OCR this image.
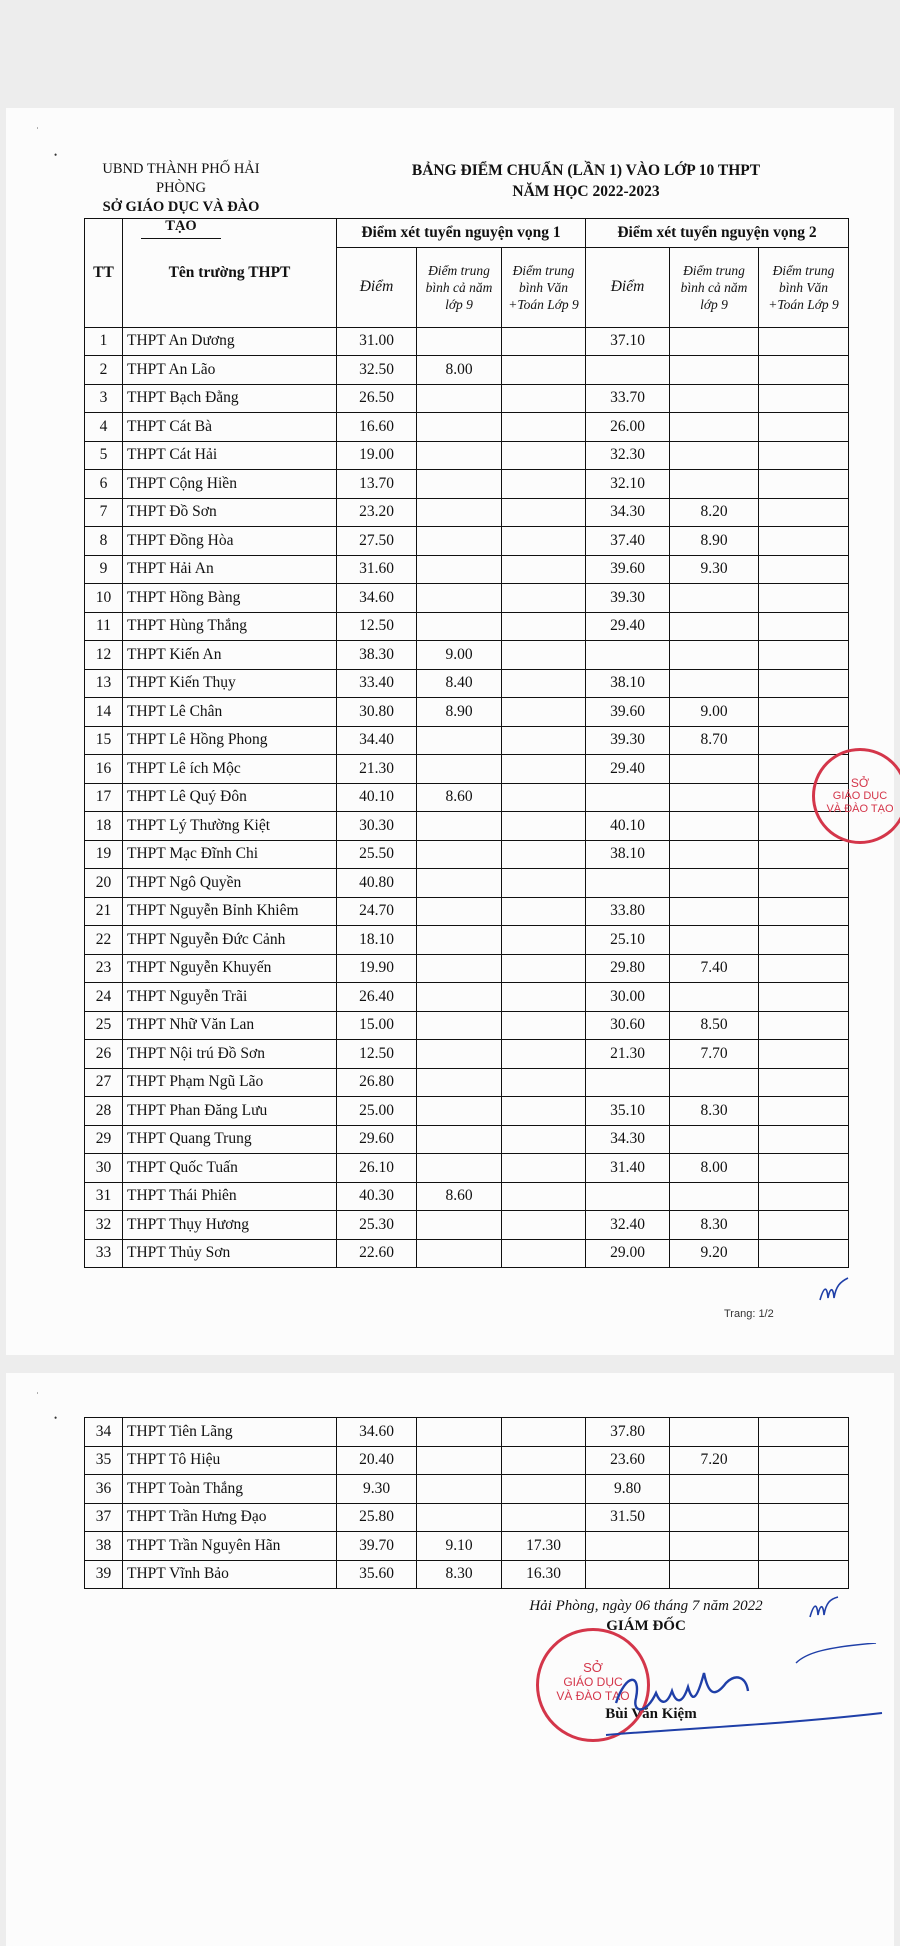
˙
•
UBND THÀNH PHỐ HẢI PHÒNG
SỞ GIÁO DỤC VÀ ĐÀO TẠO
BẢNG ĐIỂM CHUẨN (LẦN 1) VÀO LỚP 10 THPT
NĂM HỌC 2022-2023
TT	Tên trường THPT	Điểm xét tuyển nguyện vọng 1			Điểm xét tuyển nguyện vọng 2		
		Điểm	Điểm trung bình cả năm lớp 9	Điểm trung bình Văn +Toán Lớp 9	Điểm	Điểm trung bình cả năm lớp 9	Điểm trung bình Văn +Toán Lớp 9
1	THPT An Dương	31.00			37.10		
2	THPT An Lão	32.50	8.00				
3	THPT Bạch Đằng	26.50			33.70		
4	THPT Cát Bà	16.60			26.00		
5	THPT Cát Hải	19.00			32.30		
6	THPT Cộng Hiền	13.70			32.10		
7	THPT Đồ Sơn	23.20			34.30	8.20	
8	THPT Đồng Hòa	27.50			37.40	8.90	
9	THPT Hải An	31.60			39.60	9.30	
10	THPT Hồng Bàng	34.60			39.30		
11	THPT Hùng Thắng	12.50			29.40		
12	THPT Kiến An	38.30	9.00				
13	THPT Kiến Thụy	33.40	8.40		38.10		
14	THPT Lê Chân	30.80	8.90		39.60	9.00	
15	THPT Lê Hồng Phong	34.40			39.30	8.70	
16	THPT Lê ích Mộc	21.30			29.40		
17	THPT Lê Quý Đôn	40.10	8.60				
18	THPT Lý Thường Kiệt	30.30			40.10		
19	THPT Mạc Đĩnh Chi	25.50			38.10		
20	THPT Ngô Quyền	40.80					
21	THPT Nguyễn Bỉnh Khiêm	24.70			33.80		
22	THPT Nguyễn Đức Cảnh	18.10			25.10		
23	THPT Nguyễn Khuyến	19.90			29.80	7.40	
24	THPT Nguyễn Trãi	26.40			30.00		
25	THPT Nhữ Văn Lan	15.00			30.60	8.50	
26	THPT Nội trú Đồ Sơn	12.50			21.30	7.70	
27	THPT Phạm Ngũ Lão	26.80					
28	THPT Phan Đăng Lưu	25.00			35.10	8.30	
29	THPT Quang Trung	29.60			34.30		
30	THPT Quốc Tuấn	26.10			31.40	8.00	
31	THPT Thái Phiên	40.30	8.60				
32	THPT Thụy Hương	25.30			32.40	8.30	
33	THPT Thủy Sơn	22.60			29.00	9.20	
Trang: 1/2
SỞ
GIÁO DỤC
VÀ ĐÀO TẠO
˙
•
34	THPT Tiên Lãng	34.60			37.80		
35	THPT Tô Hiệu	20.40			23.60	7.20	
36	THPT Toàn Thắng	9.30			9.80		
37	THPT Trần Hưng Đạo	25.80			31.50		
38	THPT Trần Nguyên Hãn	39.70	9.10	17.30			
39	THPT Vĩnh Bảo	35.60	8.30	16.30			
Hải Phòng, ngày 06 tháng 7 năm 2022
GIÁM ĐỐC
Bùi Văn Kiệm
SỞ
GIÁO DỤC
VÀ ĐÀO TẠO
